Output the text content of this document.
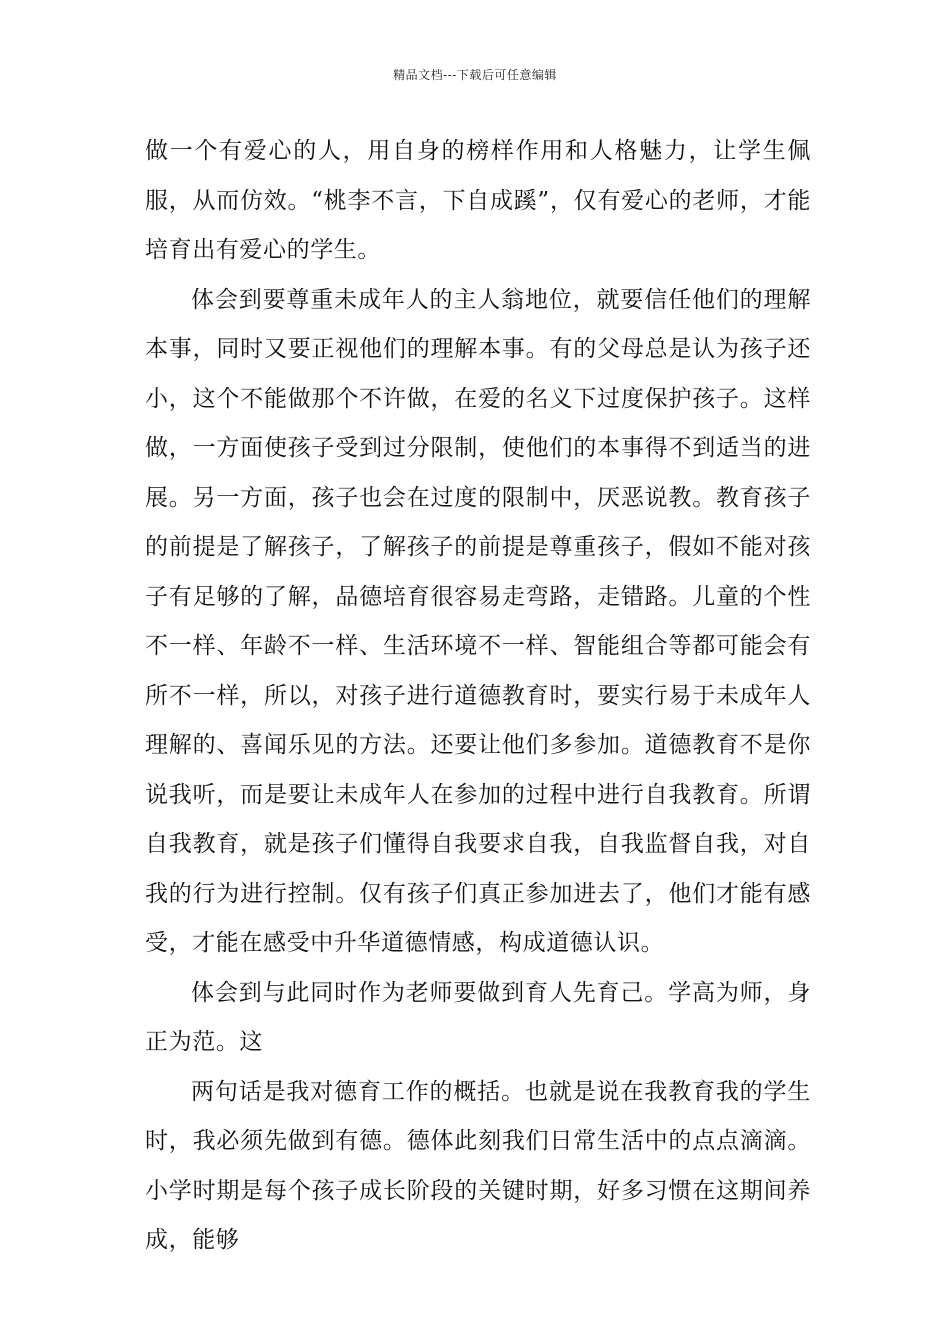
精品文档---下载后可任意编辑

做一个有爱心的人，用自身的榜样作用和人格魅力，让学生佩服，从而仿效。“桃李不言，下自成蹊”，仅有爱心的老师，才能培育出有爱心的学生。

体会到要尊重未成年人的主人翁地位，就要信任他们的理解本事，同时又要正视他们的理解本事。有的父母总是认为孩子还小，这个不能做那个不许做，在爱的名义下过度保护孩子。这样做，一方面使孩子受到过分限制，使他们的本事得不到适当的进展。另一方面，孩子也会在过度的限制中，厌恶说教。教育孩子的前提是了解孩子，了解孩子的前提是尊重孩子，假如不能对孩子有足够的了解，品德培育很容易走弯路，走错路。儿童的个性不一样、年龄不一样、生活环境不一样、智能组合等都可能会有所不一样，所以，对孩子进行道德教育时，要实行易于未成年人理解的、喜闻乐见的方法。还要让他们多参加。道德教育不是你说我听，而是要让未成年人在参加的过程中进行自我教育。所谓自我教育，就是孩子们懂得自我要求自我，自我监督自我，对自我的行为进行控制。仅有孩子们真正参加进去了，他们才能有感受，才能在感受中升华道德情感，构成道德认识。

体会到与此同时作为老师要做到育人先育己。学高为师，身正为范。这

两句话是我对德育工作的概括。也就是说在我教育我的学生时，我必须先做到有德。德体此刻我们日常生活中的点点滴滴。小学时期是每个孩子成长阶段的关键时期，好多习惯在这期间养成，能够
